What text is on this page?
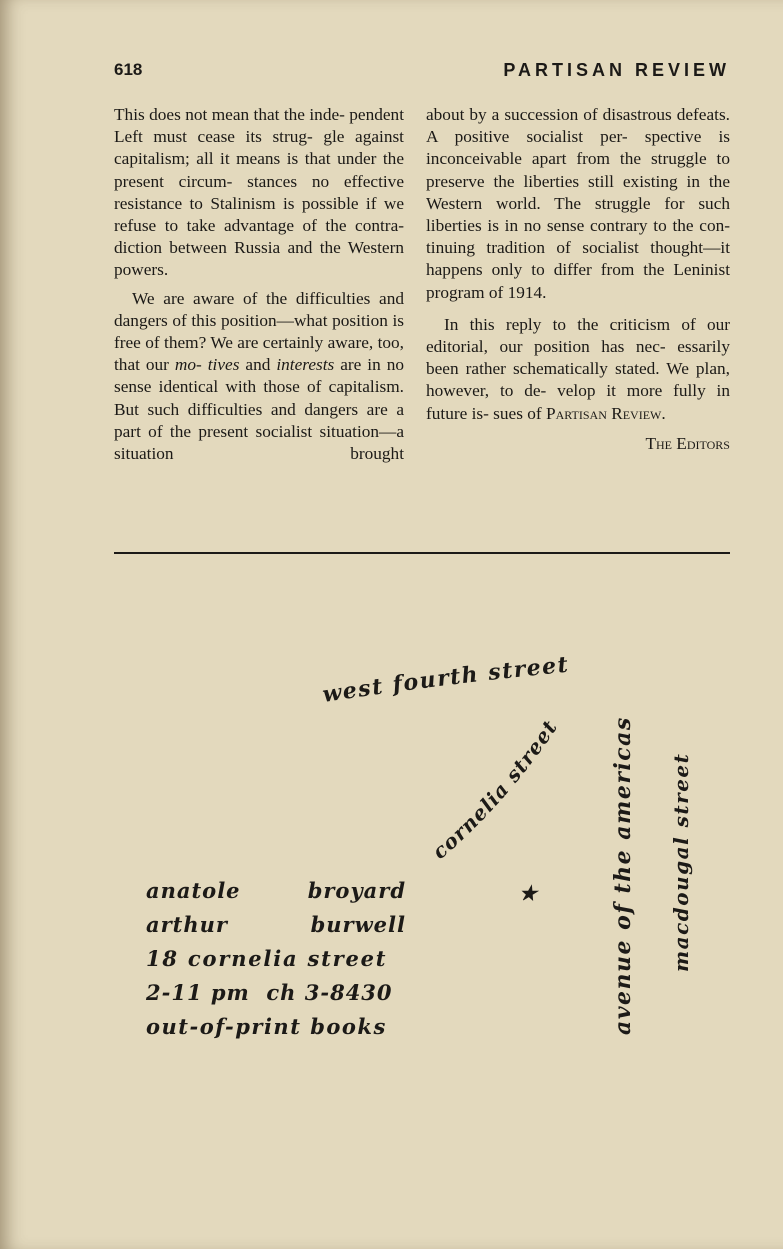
618	PARTISAN REVIEW

This does not mean that the inde- pendent Left must cease its strug- gle against capitalism; all it means is that under the present circum- stances no effective resistance to Stalinism is possible if we refuse to take advantage of the contra- diction between Russia and the Western powers.

We are aware of the difficulties and dangers of this position—what position is free of them? We are certainly aware, too, that our mo- tives and interests are in no sense identical with those of capitalism. But such difficulties and dangers are a part of the present socialist situation—a situation brought

about by a succession of disastrous defeats. A positive socialist per- spective is inconceivable apart from the struggle to preserve the liberties still existing in the Western world. The struggle for such liberties is in no sense contrary to the con- tinuing tradition of socialist thought—it happens only to differ from the Leninist program of 1914.

In this reply to the criticism of our editorial, our position has nec- essarily been rather schematically stated. We plan, however, to de- velop it more fully in future is- sues of Partisan Review.

The Editors
anatole	broyard
arthur	burwell
18 cornelia street
2-11 pm  ch 3-8430
out-of-print books
west fourth street
cornelia street
★	avenue of the americas macdougal street
